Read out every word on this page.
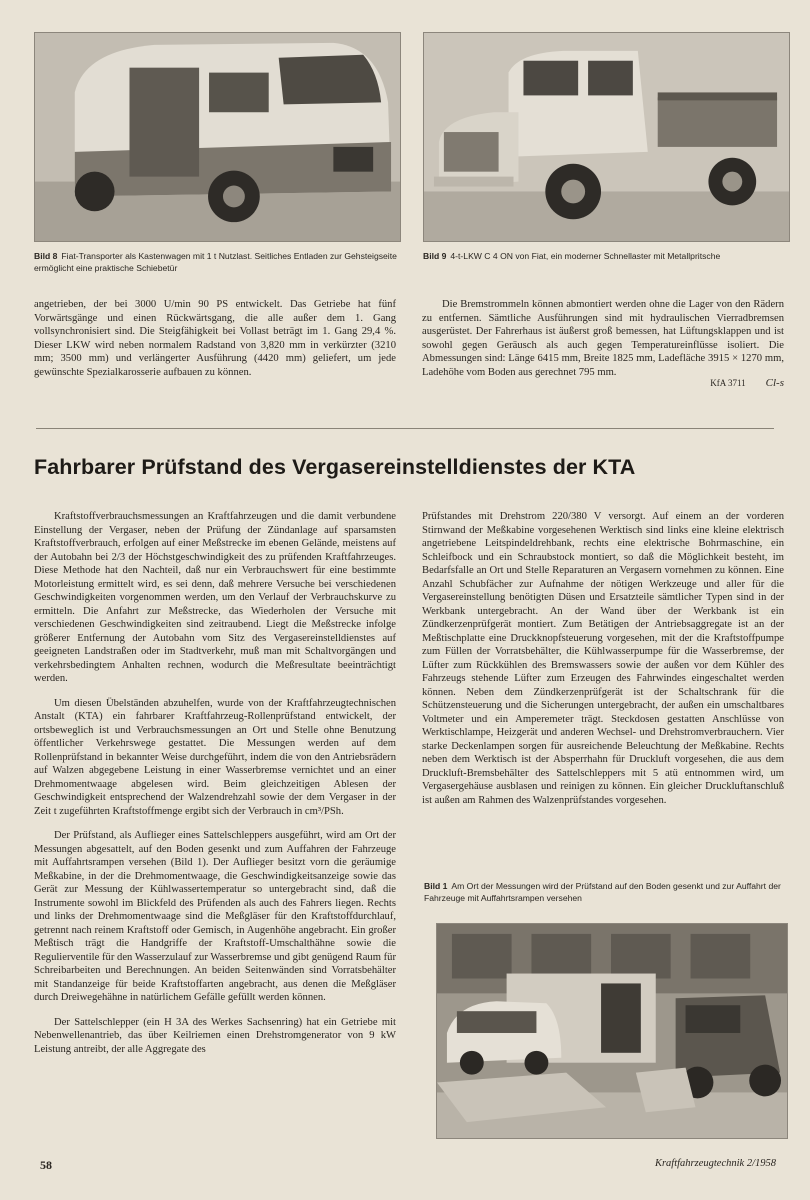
Bild 8 Fiat-Transporter als Kastenwagen mit 1 t Nutzlast. Seitliches Entladen zur Gehsteigseite ermöglicht eine praktische Schiebetür
Bild 9 4-t-LKW C 4 ON von Fiat, ein moderner Schnellaster mit Metallpritsche

angetrieben, der bei 3000 U/min 90 PS entwickelt. Das Getriebe hat fünf Vorwärtsgänge und einen Rückwärtsgang, die alle außer dem 1. Gang vollsynchronisiert sind. Die Steigfähigkeit bei Vollast beträgt im 1. Gang 29,4 %. Dieser LKW wird neben normalem Radstand von 3,820 mm in verkürzter (3210 mm; 3500 mm) und verlängerter Ausführung (4420 mm) geliefert, um jede gewünschte Spezialkarosserie aufbauen zu können.

Die Bremstrommeln können abmontiert werden ohne die Lager von den Rädern zu entfernen. Sämtliche Ausführungen sind mit hydraulischen Vierradbremsen ausgerüstet. Der Fahrerhaus ist äußerst groß bemessen, hat Lüftungsklappen und ist sowohl gegen Geräusch als auch gegen Temperatureinflüsse isoliert. Die Abmessungen sind: Länge 6415 mm, Breite 1825 mm, Ladefläche 3915 × 1270 mm, Ladehöhe vom Boden aus gerechnet 795 mm.

KfA 3711 Cl-s
Fahrbarer Prüfstand des Vergasereinstelldienstes der KTA

Kraftstoffverbrauchsmessungen an Kraftfahrzeugen und die damit verbundene Einstellung der Vergaser, neben der Prüfung der Zündanlage auf sparsamsten Kraftstoffverbrauch, erfolgen auf einer Meßstrecke im ebenen Gelände, meistens auf der Autobahn bei 2/3 der Höchstgeschwindigkeit des zu prüfenden Kraftfahrzeuges. Diese Methode hat den Nachteil, daß nur ein Verbrauchswert für eine bestimmte Motorleistung ermittelt wird, es sei denn, daß mehrere Versuche bei verschiedenen Geschwindigkeiten vorgenommen werden, um den Verlauf der Verbrauchskurve zu ermitteln. Die Anfahrt zur Meßstrecke, das Wiederholen der Versuche mit verschiedenen Geschwindigkeiten sind zeitraubend. Liegt die Meßstrecke infolge größerer Entfernung der Autobahn vom Sitz des Vergasereinstelldienstes auf geeigneten Landstraßen oder im Stadtverkehr, muß man mit Schaltvorgängen und verkehrsbedingtem Anhalten rechnen, wodurch die Meßresultate beeinträchtigt werden.

Um diesen Übelständen abzuhelfen, wurde von der Kraftfahrzeugtechnischen Anstalt (KTA) ein fahrbarer Kraftfahrzeug-Rollenprüfstand entwickelt, der ortsbeweglich ist und Verbrauchsmessungen an Ort und Stelle ohne Benutzung öffentlicher Verkehrswege gestattet. Die Messungen werden auf dem Rollenprüfstand in bekannter Weise durchgeführt, indem die von den Antriebsrädern auf Walzen abgegebene Leistung in einer Wasserbremse vernichtet und an einer Drehmomentwaage abgelesen wird. Beim gleichzeitigen Ablesen der Geschwindigkeit entsprechend der Walzendrehzahl sowie der dem Vergaser in der Zeit t zugeführten Kraftstoffmenge ergibt sich der Verbrauch in cm³/PSh.

Der Prüfstand, als Auflieger eines Sattelschleppers ausgeführt, wird am Ort der Messungen abgesattelt, auf den Boden gesenkt und zum Auffahren der Fahrzeuge mit Auffahrtsrampen versehen (Bild 1). Der Auflieger besitzt vorn die geräumige Meßkabine, in der die Drehmomentwaage, die Geschwindigkeitsanzeige sowie das Gerät zur Messung der Kühlwassertemperatur so untergebracht sind, daß die Instrumente sowohl im Blickfeld des Prüfenden als auch des Fahrers liegen. Rechts und links der Drehmomentwaage sind die Meßgläser für den Kraftstoffdurchlauf, getrennt nach reinem Kraftstoff oder Gemisch, in Augenhöhe angebracht. Ein großer Meßtisch trägt die Handgriffe der Kraftstoff-Umschalthähne sowie die Regulierventile für den Wasserzulauf zur Wasserbremse und gibt genügend Raum für Schreibarbeiten und Berechnungen. An beiden Seitenwänden sind Vorratsbehälter mit Standanzeige für beide Kraftstoffarten angebracht, aus denen die Meßgläser durch Dreiwegehähne in natürlichem Gefälle gefüllt werden können.

Der Sattelschlepper (ein H 3A des Werkes Sachsenring) hat ein Getriebe mit Nebenwellenantrieb, das über Keilriemen einen Drehstromgenerator von 9 kW Leistung antreibt, der alle Aggregate des

Prüfstandes mit Drehstrom 220/380 V versorgt. Auf einem an der vorderen Stirnwand der Meßkabine vorgesehenen Werktisch sind links eine kleine elektrisch angetriebene Leitspindeldrehbank, rechts eine elektrische Bohrmaschine, ein Schleifbock und ein Schraubstock montiert, so daß die Möglichkeit besteht, im Bedarfsfalle an Ort und Stelle Reparaturen an Vergasern vornehmen zu können. Eine Anzahl Schubfächer zur Aufnahme der nötigen Werkzeuge und aller für die Vergasereinstellung benötigten Düsen und Ersatzteile sämtlicher Typen sind in der Werkbank untergebracht. An der Wand über der Werkbank ist ein Zündkerzenprüfgerät montiert. Zum Betätigen der Antriebsaggregate ist an der Meßtischplatte eine Druckknopfsteuerung vorgesehen, mit der die Kraftstoffpumpe zum Füllen der Vorratsbehälter, die Kühlwasserpumpe für die Wasserbremse, der Lüfter zum Rückkühlen des Bremswassers sowie der außen vor dem Kühler des Fahrzeugs stehende Lüfter zum Erzeugen des Fahrwindes eingeschaltet werden können. Neben dem Zündkerzenprüfgerät ist der Schaltschrank für die Schützensteuerung und die Sicherungen untergebracht, der außen ein umschaltbares Voltmeter und ein Amperemeter trägt. Steckdosen gestatten Anschlüsse von Werktischlampe, Heizgerät und anderen Wechsel- und Drehstromverbrauchern. Vier starke Deckenlampen sorgen für ausreichende Beleuchtung der Meßkabine. Rechts neben dem Werktisch ist der Absperrhahn für Druckluft vorgesehen, die aus dem Druckluft-Bremsbehälter des Sattelschleppers mit 5 atü entnommen wird, um Vergasergehäuse ausblasen und reinigen zu können. Ein gleicher Druckluftanschluß ist außen am Rahmen des Walzenprüfstandes vorgesehen.

Bild 1 Am Ort der Messungen wird der Prüfstand auf den Boden gesenkt und zur Auffahrt der Fahrzeuge mit Auffahrtsrampen versehen
58	Kraftfahrzeugtechnik 2/1958
